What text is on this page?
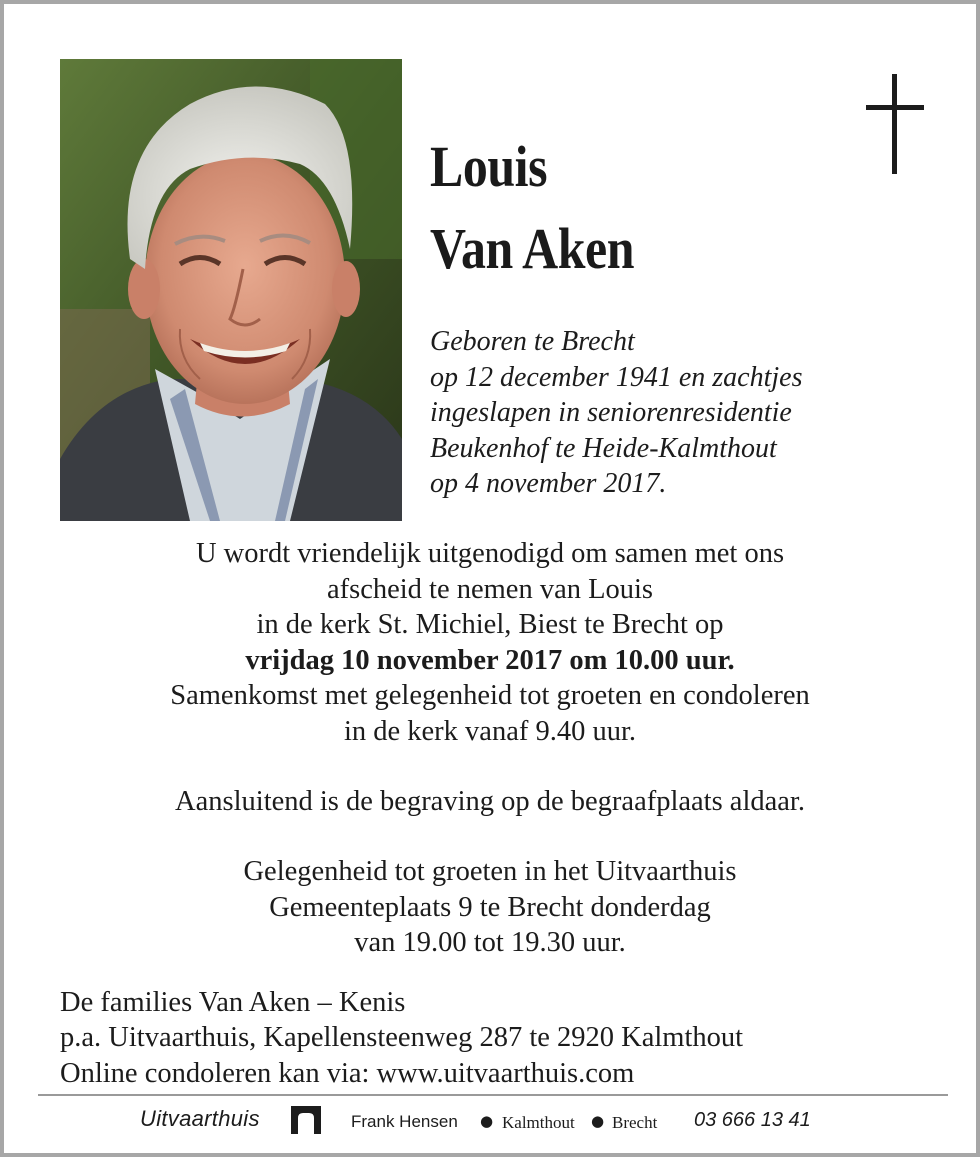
Louis
Van Aken
Geboren te Brecht
op 12 december 1941 en zachtjes
ingeslapen in seniorenresidentie
Beukenhof te Heide-Kalmthout
op 4 november 2017.
U wordt vriendelijk uitgenodigd om samen met ons
afscheid te nemen van Louis
in de kerk St. Michiel, Biest te Brecht op
vrijdag 10 november 2017 om 10.00 uur.
Samenkomst met gelegenheid tot groeten en condoleren
in de kerk vanaf 9.40 uur.
Aansluitend is de begraving op de begraafplaats aldaar.
Gelegenheid tot groeten in het Uitvaarthuis
Gemeenteplaats 9 te Brecht donderdag
van 19.00 tot 19.30 uur.
De families Van Aken – Kenis
p.a. Uitvaarthuis, Kapellensteenweg 287 te 2920 Kalmthout
Online condoleren kan via: www.uitvaarthuis.com
Uitvaarthuis	Frank Hensen ● Kalmthout ● Brecht 03 666 13 41
